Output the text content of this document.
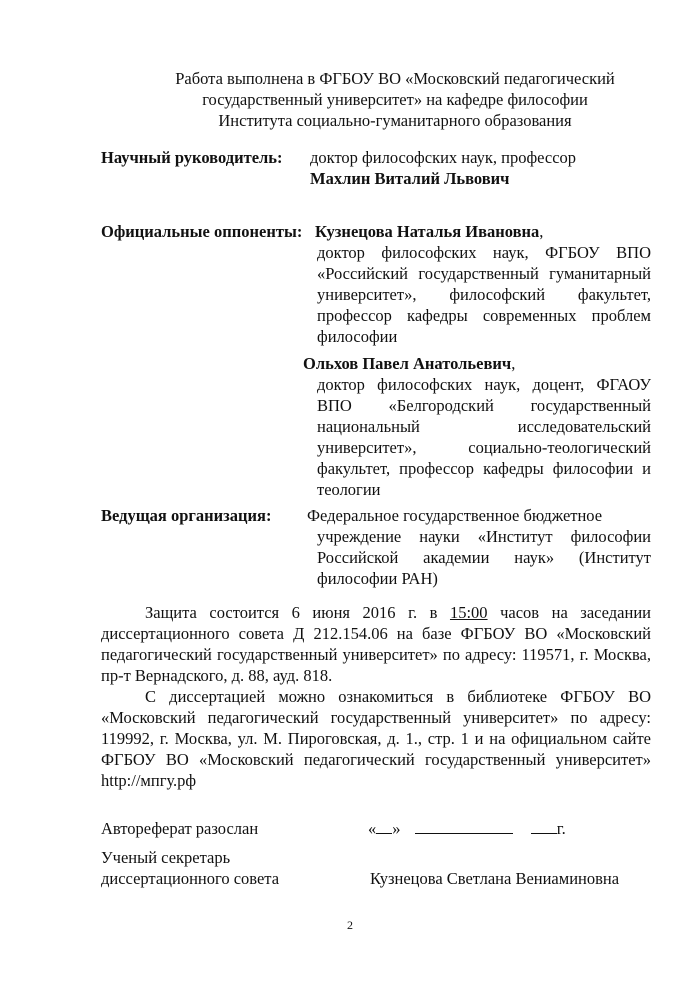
Работа выполнена в ФГБОУ ВО «Московский педагогический
государственный университет» на кафедре философии
Института социально-гуманитарного образования
Научный руководитель: доктор философских наук, профессор
Махлин Виталий Львович
Официальные оппоненты: Кузнецова Наталья Ивановна,
доктор философских наук, ФГБОУ ВПО
«Российский государственный гуманитарный
университет», философский факультет,
профессор кафедры современных проблем
философии
Ольхов Павел Анатольевич,
доктор философских наук, доцент, ФГАОУ
ВПО «Белгородский государственный
национальный исследовательский
университет», социально-теологический
факультет, профессор кафедры философии и
теологии
Ведущая организация: Федеральное государственное бюджетное
учреждение науки «Институт философии
Российской академии наук» (Институт
философии РАН)
Защита состоится 6 июня 2016 г. в 15:00 часов на заседании
диссертационного совета Д 212.154.06 на базе ФГБОУ ВО «Московский
педагогический государственный университет» по адресу: 119571, г. Москва,
пр-т Вернадского, д. 88, ауд. 818.
С диссертацией можно ознакомиться в библиотеке ФГБОУ ВО
«Московский педагогический государственный университет» по адресу:
119992, г. Москва, ул. М. Пироговская, д. 1., стр. 1 и на официальном сайте
ФГБОУ ВО «Московский педагогический государственный университет»
http://мпгу.рф
Автореферат разослан	« »	г.
Ученый секретарь
диссертационного совета	Кузнецова Светлана Вениаминовна
2
